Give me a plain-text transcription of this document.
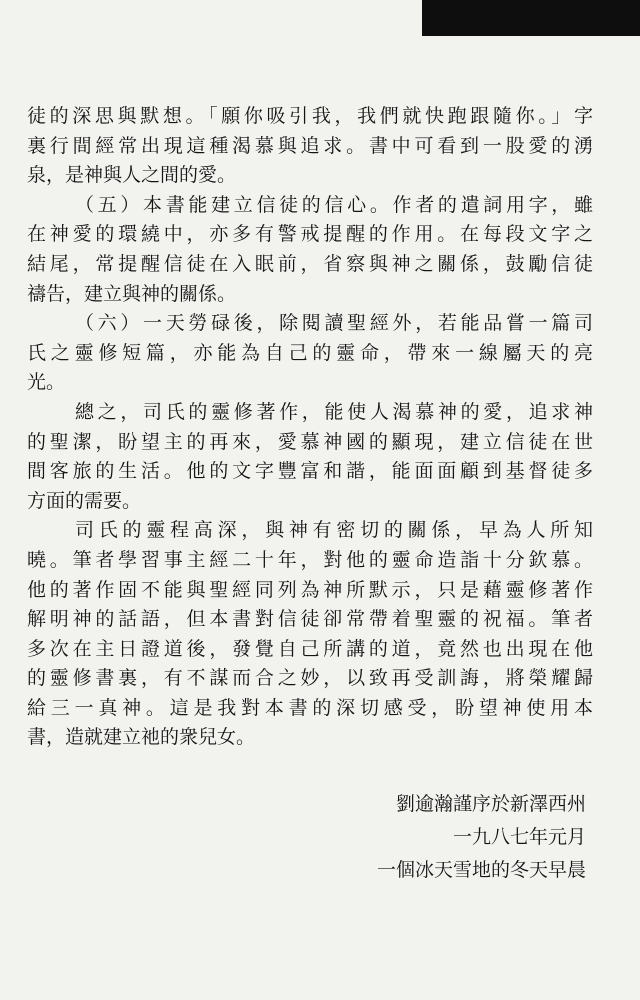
徒的深思與默想。「願你吸引我，我們就快跑跟隨你。」字
裏行間經常出現這種渴慕與追求。書中可看到一股愛的湧
泉，是神與人之間的愛。
（五）本書能建立信徒的信心。作者的遣詞用字，雖
在神愛的環繞中，亦多有警戒提醒的作用。在每段文字之
結尾，常提醒信徒在入眠前，省察與神之關係，鼓勵信徒
禱告，建立與神的關係。
（六）一天勞碌後，除閱讀聖經外，若能品嘗一篇司
氏之靈修短篇，亦能為自己的靈命，帶來一線屬天的亮
光。
總之，司氏的靈修著作，能使人渴慕神的愛，追求神
的聖潔，盼望主的再來，愛慕神國的顯現，建立信徒在世
間客旅的生活。他的文字豐富和諧，能面面顧到基督徒多
方面的需要。
司氏的靈程高深，與神有密切的關係，早為人所知
曉。筆者學習事主經二十年，對他的靈命造詣十分欽慕。
他的著作固不能與聖經同列為神所默示，只是藉靈修著作
解明神的話語，但本書對信徒卻常帶着聖靈的祝福。筆者
多次在主日證道後，發覺自己所講的道，竟然也出現在他
的靈修書裏，有不謀而合之妙，以致再受訓誨，將榮耀歸
給三一真神。這是我對本書的深切感受，盼望神使用本
書，造就建立祂的衆兒女。
劉逾瀚謹序於新澤西州
一九八七年元月
一個冰天雪地的冬天早晨
